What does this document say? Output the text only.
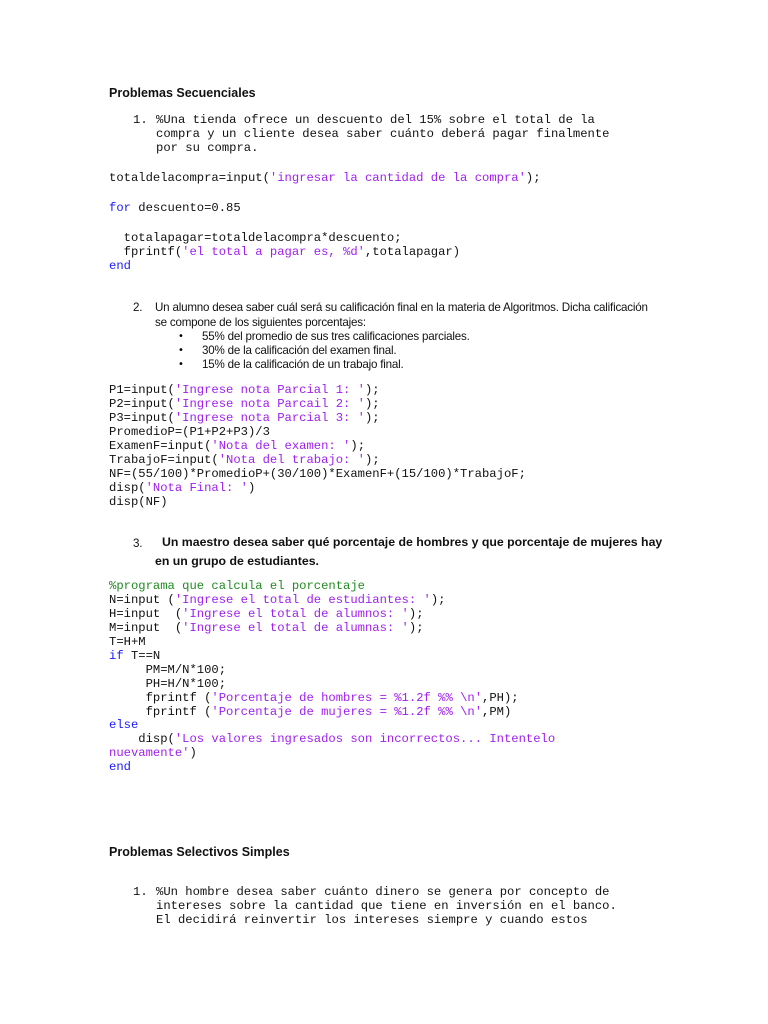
Problemas Secuenciales
1. %Una tienda ofrece un descuento del 15% sobre el total de la
compra y un cliente desea saber cuánto deberá pagar finalmente
por su compra.
totaldelacompra=input('ingresar la cantidad de la compra');
for descuento=0.85
totalapagar=totaldelacompra*descuento;
fprintf('el total a pagar es, %d',totalapagar)
end
2. Un alumno desea saber cuál será su calificación final en la materia de Algoritmos. Dicha calificación
se compone de los siguientes porcentajes:
• 55% del promedio de sus tres calificaciones parciales.
• 30% de la calificación del examen final.
• 15% de la calificación de un trabajo final.
P1=input('Ingrese nota Parcial 1: ');
P2=input('Ingrese nota Parcail 2: ');
P3=input('Ingrese nota Parcial 3: ');
PromedioP=(P1+P2+P3)/3
ExamenF=input('Nota del examen: ');
TrabajoF=input('Nota del trabajo: ');
NF=(55/100)*PromedioP+(30/100)*ExamenF+(15/100)*TrabajoF;
disp('Nota Final: ')
disp(NF)
3. Un maestro desea saber qué porcentaje de hombres y que porcentaje de mujeres hay
en un grupo de estudiantes.
%programa que calcula el porcentaje
N=input ('Ingrese el total de estudiantes: ');
H=input  ('Ingrese el total de alumnos: ');
M=input  ('Ingrese el total de alumnas: ');
T=H+M
if T==N
PM=M/N*100;
PH=H/N*100;
fprintf ('Porcentaje de hombres = %1.2f %% \n',PH);
fprintf ('Porcentaje de mujeres = %1.2f %% \n',PM)
else
disp('Los valores ingresados son incorrectos... Intentelo
nuevamente')
end
Problemas Selectivos Simples
1. %Un hombre desea saber cuánto dinero se genera por concepto de
intereses sobre la cantidad que tiene en inversión en el banco.
El decidirá reinvertir los intereses siempre y cuando estos
